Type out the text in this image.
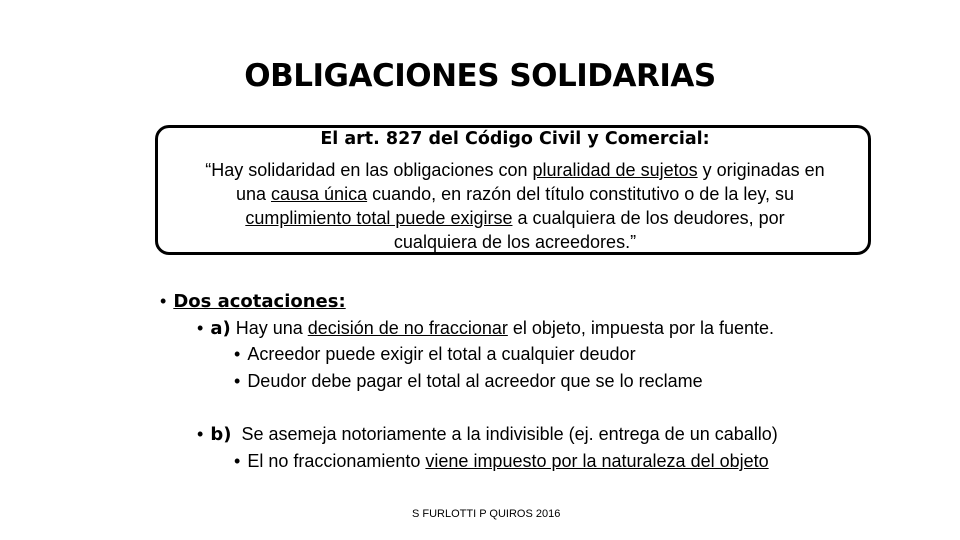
OBLIGACIONES SOLIDARIAS
El art. 827 del Código Civil y Comercial:
“Hay solidaridad en las obligaciones con pluralidad de sujetos y originadas en
una causa única cuando, en razón del título constitutivo o de la ley, su
cumplimiento total puede exigirse a cualquiera de los deudores, por
cualquiera de los acreedores.”
• Dos acotaciones:
• a) Hay una decisión de no fraccionar el objeto, impuesta por la fuente.
• Acreedor puede exigir el total a cualquier deudor
• Deudor debe pagar el total al acreedor que se lo reclame
• b)  Se asemeja notoriamente a la indivisible (ej. entrega de un caballo)
• El no fraccionamiento viene impuesto por la naturaleza del objeto
S FURLOTTI P QUIROS 2016
